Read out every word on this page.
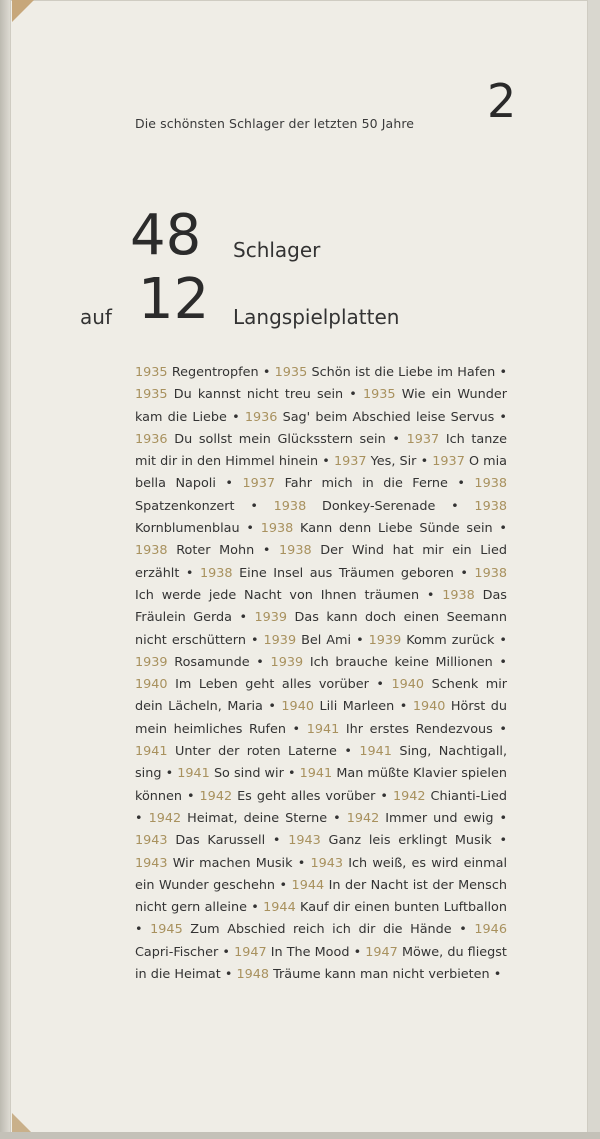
Die schönsten Schlager der letzten 50 Jahre 2
48 Schlager
auf 12 Langspielplatten
1935 Regentropfen • 1935 Schön ist die Liebe im Hafen • 1935 Du kannst nicht treu sein • 1935 Wie ein Wunder kam die Liebe • 1936 Sag' beim Abschied leise Servus • 1936 Du sollst mein Glücksstern sein • 1937 Ich tanze mit dir in den Himmel hinein • 1937 Yes, Sir • 1937 O mia bella Napoli • 1937 Fahr mich in die Ferne • 1938 Spatzenkonzert • 1938 Donkey-Serenade • 1938 Kornblumenblau • 1938 Kann denn Liebe Sünde sein • 1938 Roter Mohn • 1938 Der Wind hat mir ein Lied erzählt • 1938 Eine Insel aus Träumen geboren • 1938 Ich werde jede Nacht von Ihnen träumen • 1938 Das Fräulein Gerda • 1939 Das kann doch einen Seemann nicht erschüttern • 1939 Bel Ami • 1939 Komm zurück • 1939 Rosamunde • 1939 Ich brauche keine Millionen • 1940 Im Leben geht alles vorüber • 1940 Schenk mir dein Lächeln, Maria • 1940 Lili Marleen • 1940 Hörst du mein heimliches Rufen • 1941 Ihr erstes Rendezvous • 1941 Unter der roten Laterne • 1941 Sing, Nachtigall, sing • 1941 So sind wir • 1941 Man müßte Klavier spielen können • 1942 Es geht alles vorüber • 1942 Chianti-Lied • 1942 Heimat, deine Sterne • 1942 Immer und ewig • 1943 Das Karussell • 1943 Ganz leis erklingt Musik • 1943 Wir machen Musik • 1943 Ich weiß, es wird einmal ein Wunder geschehn • 1944 In der Nacht ist der Mensch nicht gern alleine • 1944 Kauf dir einen bunten Luftballon • 1945 Zum Abschied reich ich dir die Hände • 1946 Capri-Fischer • 1947 In The Mood • 1947 Möwe, du fliegst in die Heimat • 1948 Träume kann man nicht verbieten •
